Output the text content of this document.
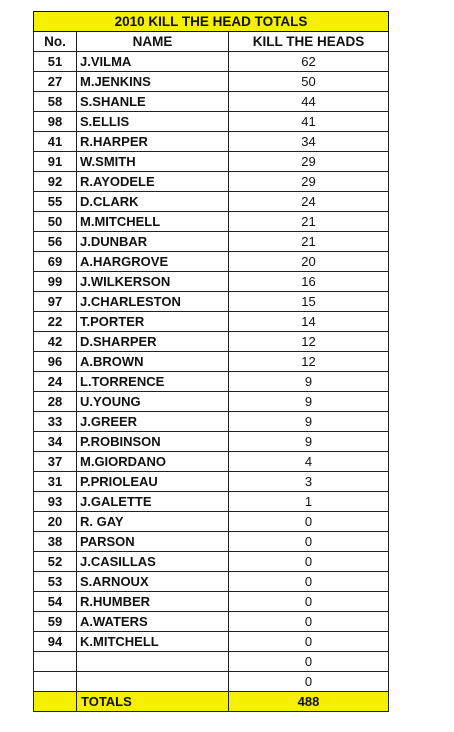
2010 KILL THE HEAD TOTALS		
No.	NAME	KILL THE HEADS
51	J.VILMA	62
27	M.JENKINS	50
58	S.SHANLE	44
98	S.ELLIS	41
41	R.HARPER	34
91	W.SMITH	29
92	R.AYODELE	29
55	D.CLARK	24
50	M.MITCHELL	21
56	J.DUNBAR	21
69	A.HARGROVE	20
99	J.WILKERSON	16
97	J.CHARLESTON	15
22	T.PORTER	14
42	D.SHARPER	12
96	A.BROWN	12
24	L.TORRENCE	9
28	U.YOUNG	9
33	J.GREER	9
34	P.ROBINSON	9
37	M.GIORDANO	4
31	P.PRIOLEAU	3
93	J.GALETTE	1
20	R. GAY	0
38	PARSON	0
52	J.CASILLAS	0
53	S.ARNOUX	0
54	R.HUMBER	0
59	A.WATERS	0
94	K.MITCHELL	0
		0
		0
	TOTALS	488
